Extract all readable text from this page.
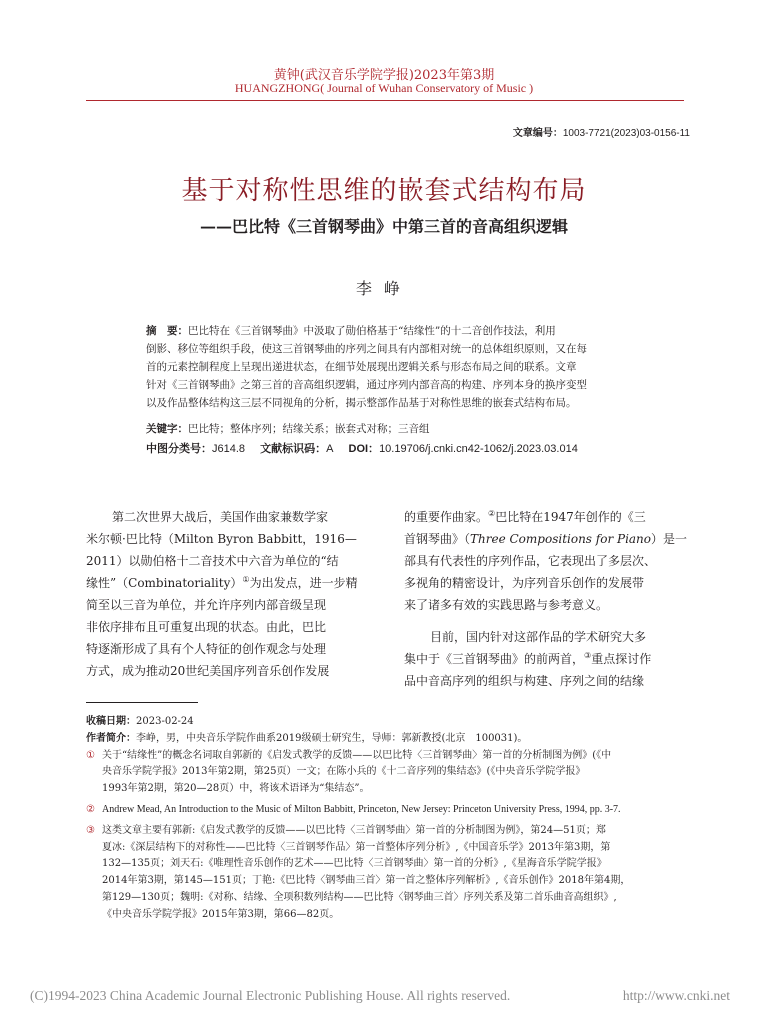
黄钟(武汉音乐学院学报)2023年第3期
HUANGZHONG( Journal of Wuhan Conservatory of Music )
文章编号：1003-7721(2023)03-0156-11
基于对称性思维的嵌套式结构布局
——巴比特《三首钢琴曲》中第三首的音高组织逻辑
李峥
摘　要：巴比特在《三首钢琴曲》中汲取了勋伯格基于“结缘性”的十二音创作技法，利用
倒影、移位等组织手段，使这三首钢琴曲的序列之间具有内部相对统一的总体组织原则，又在每
首的元素控制程度上呈现出递进状态，在细节处展现出逻辑关系与形态布局之间的联系。文章
针对《三首钢琴曲》之第三首的音高组织逻辑，通过序列内部音高的构建、序列本身的换序变型
以及作品整体结构这三层不同视角的分析，揭示整部作品基于对称性思维的嵌套式结构布局。
关键字：巴比特；整体序列；结缘关系；嵌套式对称；三音组
中图分类号：J614.8 文献标识码：A DOI：10.19706/j.cnki.cn42-1062/j.2023.03.014
第二次世界大战后，美国作曲家兼数学家
米尔顿·巴比特（Milton Byron Babbitt，1916—
2011）以勋伯格十二音技术中六音为单位的“结
缘性”（Combinatoriality）①为出发点，进一步精
简至以三音为单位，并允许序列内部音级呈现
非依序排布且可重复出现的状态。由此，巴比
特逐渐形成了具有个人特征的创作观念与处理
方式，成为推动20世纪美国序列音乐创作发展
的重要作曲家。②巴比特在1947年创作的《三
首钢琴曲》（Three Compositions for Piano）是一
部具有代表性的序列作品，它表现出了多层次、
多视角的精密设计，为序列音乐创作的发展带
来了诸多有效的实践思路与参考意义。
目前，国内针对这部作品的学术研究大多
集中于《三首钢琴曲》的前两首，③重点探讨作
品中音高序列的组织与构建、序列之间的结缘
收稿日期：2023-02-24
作者简介：李峥，男，中央音乐学院作曲系2019级硕士研究生，导师：郭新教授(北京　100031)。
① 关于“结缘性”的概念名词取自郭新的《启发式教学的反馈——以巴比特〈三首钢琴曲〉第一首的分析制图为例》(《中
央音乐学院学报》2013年第2期，第25页）一文；在陈小兵的《十二音序列的集结态》(《中央音乐学院学报》
1993年第2期，第20—28页）中，将该术语译为“集结态”。
② Andrew Mead, An Introduction to the Music of Milton Babbitt, Princeton, New Jersey: Princeton University Press, 1994, pp. 3-7.
③ 这类文章主要有郭新:《启发式教学的反馈——以巴比特〈三首钢琴曲〉第一首的分析制图为例》，第24—51页；郑
夏冰:《深层结构下的对称性——巴比特〈三首钢琴作品〉第一首整体序列分析》,《中国音乐学》2013年第3期，第
132—135页；刘天石:《唯理性音乐创作的艺术——巴比特〈三首钢琴曲〉第一首的分析》,《星海音乐学院学报》
2014年第3期，第145—151页；丁艳:《巴比特〈钢琴曲三首〉第一首之整体序列解析》,《音乐创作》2018年第4期，
第129—130页；魏明:《对称、结缘、全项积数列结构——巴比特〈钢琴曲三首〉序列关系及第二首乐曲音高组织》,
《中央音乐学院学报》2015年第3期，第66—82页。
(C)1994-2023 China Academic Journal Electronic Publishing House. All rights reserved.	http://www.cnki.net
